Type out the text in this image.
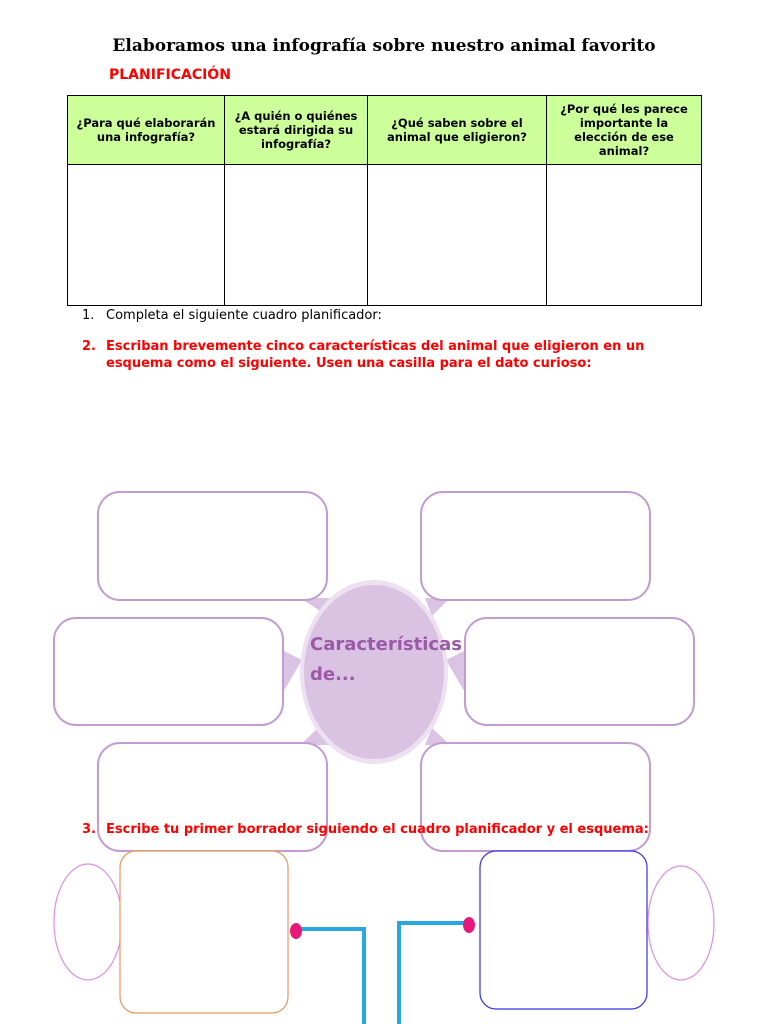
Elaboramos una infografía sobre nuestro animal favorito
PLANIFICACIÓN
¿Para qué elaborarán una infografía?	¿A quién o quiénes estará dirigida su infografía?	¿Qué saben sobre el animal que eligieron?	¿Por qué les parece importante la elección de ese animal?

1. Completa el siguiente cuadro planificador:
2. Escriban brevemente cinco características del animal que eligieron en un esquema como el siguiente. Usen una casilla para el dato curioso:
Características de...
3. Escribe tu primer borrador siguiendo el cuadro planificador y el esquema:
